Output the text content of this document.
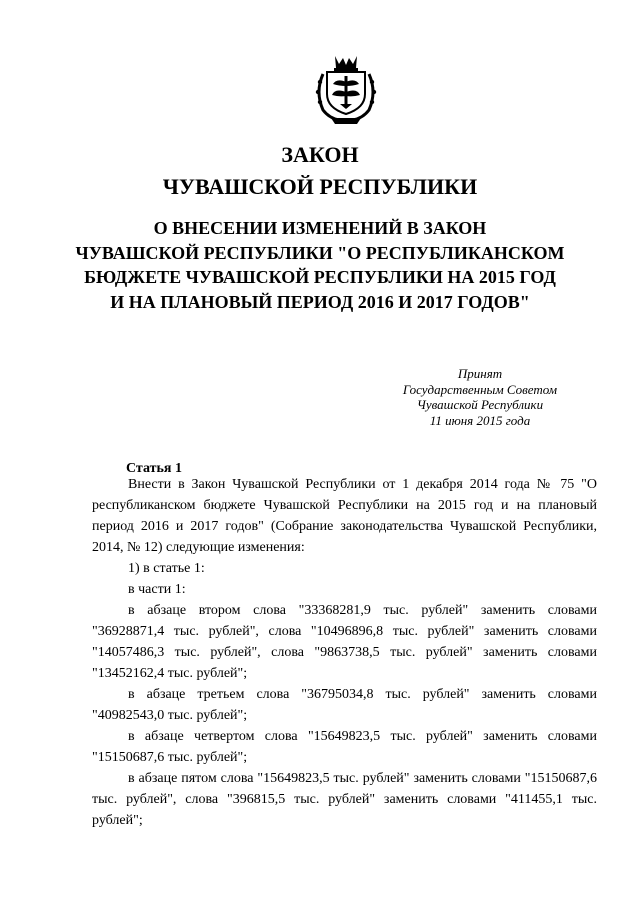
ЗАКОН
ЧУВАШСКОЙ РЕСПУБЛИКИ
О ВНЕСЕНИИ ИЗМЕНЕНИЙ В ЗАКОН
ЧУВАШСКОЙ РЕСПУБЛИКИ "О РЕСПУБЛИКАНСКОМ
БЮДЖЕТЕ ЧУВАШСКОЙ РЕСПУБЛИКИ НА 2015 ГОД
И НА ПЛАНОВЫЙ ПЕРИОД 2016 И 2017 ГОДОВ"
Принят
Государственным Советом
Чувашской Республики
11 июня 2015 года
Статья 1

Внести в Закон Чувашской Республики от 1 декабря 2014 года № 75 "О республиканском бюджете Чувашской Республики на 2015 год и на плановый период 2016 и 2017 годов" (Собрание законодательства Чувашской Республики, 2014, № 12) следующие изменения:

1) в статье 1:

в части 1:

в абзаце втором слова "33368281,9 тыс. рублей" заменить словами "36928871,4 тыс. рублей", слова "10496896,8 тыс. рублей" заменить словами "14057486,3 тыс. рублей", слова "9863738,5 тыс. рублей" заменить словами "13452162,4 тыс. рублей";

в абзаце третьем слова "36795034,8 тыс. рублей" заменить словами "40982543,0 тыс. рублей";

в абзаце четвертом слова "15649823,5 тыс. рублей" заменить словами "15150687,6 тыс. рублей";

в абзаце пятом слова "15649823,5 тыс. рублей" заменить словами "15150687,6 тыс. рублей", слова "396815,5 тыс. рублей" заменить словами "411455,1 тыс. рублей";
